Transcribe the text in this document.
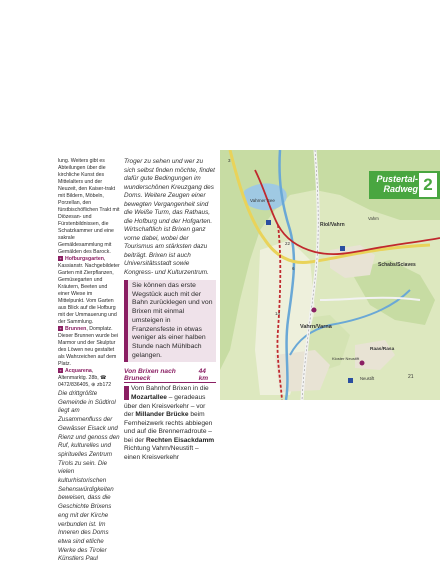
lung. Weiters gibt es Abteilungen über die kirchliche Kunst des Mittelalters und der Neuzeit, den Kaiser-trakt mit Bildern, Möbeln, Porzellan, den fürstbischöflichen Trakt mit Diözesan- und Fürstenbildnissen, die Schatzkammer und eine sakrale Gemäldesammlung mit Gemälden des Barock.

+ Hofburgsgarten, Kassianstr. Nachgebildeter Garten mit Zierpflanzen, Gemüsegarten und Kräutern, Beeten und einer Wiese im Mittelpunkt. Vom Garten aus Blick auf die Hofburg mit der Ummauerung und der Sammlung.

+ Brunnen, Domplatz. Dieser Brunnen wurde bei Marmor und der Skulptur des Löwen neu gestaltet als Wahrzeichen auf dem Platz.

+ Acquarena, Altenmarktg. 28b, ☎ 0472/836405, ⊕ zb172

Die drittgrößte Gemeinde in Südtirol liegt am Zusammenfluss der Gewässer Eisack und Rienz und genoss den Ruf, kulturelles und spirituelles Zentrum Tirols zu sein. Die vielen kulturhistorischen Sehenswürdigkeiten beweisen, dass die Geschichte Brixens eng mit der Kirche verbunden ist. Im Inneren des Doms etwa sind etliche Werke des Tiroler Künstlers Paul

Troger zu sehen und wer zu sich selbst finden möchte, findet dafür gute Bedingungen im wunderschönen Kreuzgang des Doms. Weitere Zeugen einer bewegten Vergangenheit sind die Weiße Turm, das Rathaus, die Hofburg und der Hofgarten. Wirtschaftlich ist Brixen ganz vorne dabei, wobei der Tourismus am stärksten dazu beiträgt. Brixen ist auch Universitätsstadt sowie Kongress- und Kulturzentrum.

Sie können das erste Wegstück auch mit der Bahn zurücklegen und von Brixen mit einmal umsteigen in Franzensfeste in etwas weniger als einer halben Stunde nach Mühlbach gelangen.
Von Brixen nach Bruneck
44 km

Vom Bahnhof Brixen in die Mozartallee – geradeaus über den Kreisverkehr – vor der Millander Brücke beim Fernheizwerk rechts abbiegen und auf die Brennerradroute – bei der Rechten Eisackdamm Richtung Vahrn/Neustift – einen Kreisverkehr

Vahrner See
Riol/Vahrn
Vahrn
Schabs/Sciaves
Vahrn/Varna
Neustift
Raas/Rasa
Kloster Neustift
22
14
21
6
3
Pustertal-
Radweg 2
